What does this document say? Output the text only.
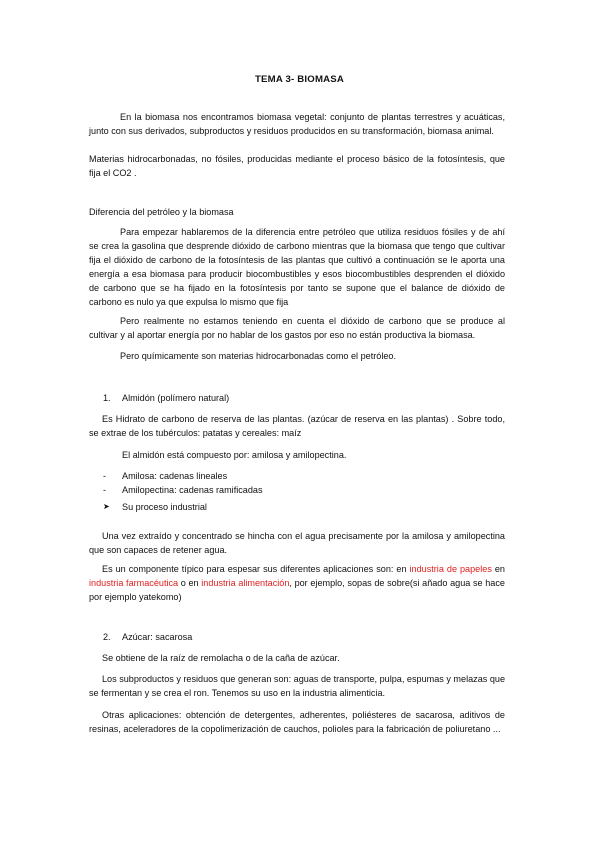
TEMA 3- BIOMASA
En la biomasa nos encontramos biomasa vegetal: conjunto de plantas terrestres y acuáticas, junto con sus derivados, subproductos y residuos producidos en su transformación, biomasa animal.
Materias hidrocarbonadas, no fósiles, producidas mediante el proceso básico de la fotosíntesis, que fija el CO2 .
Diferencia del petróleo y la biomasa
Para empezar hablaremos de la diferencia entre petróleo que utiliza residuos fósiles y de ahí se crea la gasolina que desprende dióxido de carbono mientras que la biomasa que tengo que cultivar fija el dióxido de carbono de la fotosíntesis de las plantas que cultivó a continuación se le aporta una energía a esa biomasa para producir biocombustibles y esos biocombustibles desprenden el dióxido de carbono que se ha fijado en la fotosíntesis por tanto se supone que el balance de dióxido de carbono es nulo ya que expulsa lo mismo que fija
Pero realmente no estamos teniendo en cuenta el dióxido de carbono que se produce al cultivar y al aportar energía por no hablar de los gastos por eso no están productiva la biomasa.
Pero químicamente son materias hidrocarbonadas como el petróleo.
1. Almidón (polímero natural)
Es Hidrato de carbono de reserva de las plantas. (azúcar de reserva en las plantas) . Sobre todo, se extrae de los tubérculos: patatas y cereales: maíz
El almidón está compuesto por: amilosa y amilopectina.
- Amilosa: cadenas lineales
- Amilopectina: cadenas ramificadas
➤ Su proceso industrial
Una vez extraído y concentrado se hincha con el agua precisamente por la amilosa y amilopectina que son capaces de retener agua.
Es un componente típico para espesar sus diferentes aplicaciones son: en industria de papeles en industria farmacéutica o en industria alimentación, por ejemplo, sopas de sobre(si añado agua se hace por ejemplo yatekomo)
2. Azúcar: sacarosa
Se obtiene de la raíz de remolacha o de la caña de azúcar.
Los subproductos y residuos que generan son: aguas de transporte, pulpa, espumas y melazas que se fermentan y se crea el ron. Tenemos su uso en la industria alimenticia.
Otras aplicaciones: obtención de detergentes, adherentes, poliésteres de sacarosa, aditivos de resinas, aceleradores de la copolimerización de cauchos, polioles para la fabricación de poliuretano ...
